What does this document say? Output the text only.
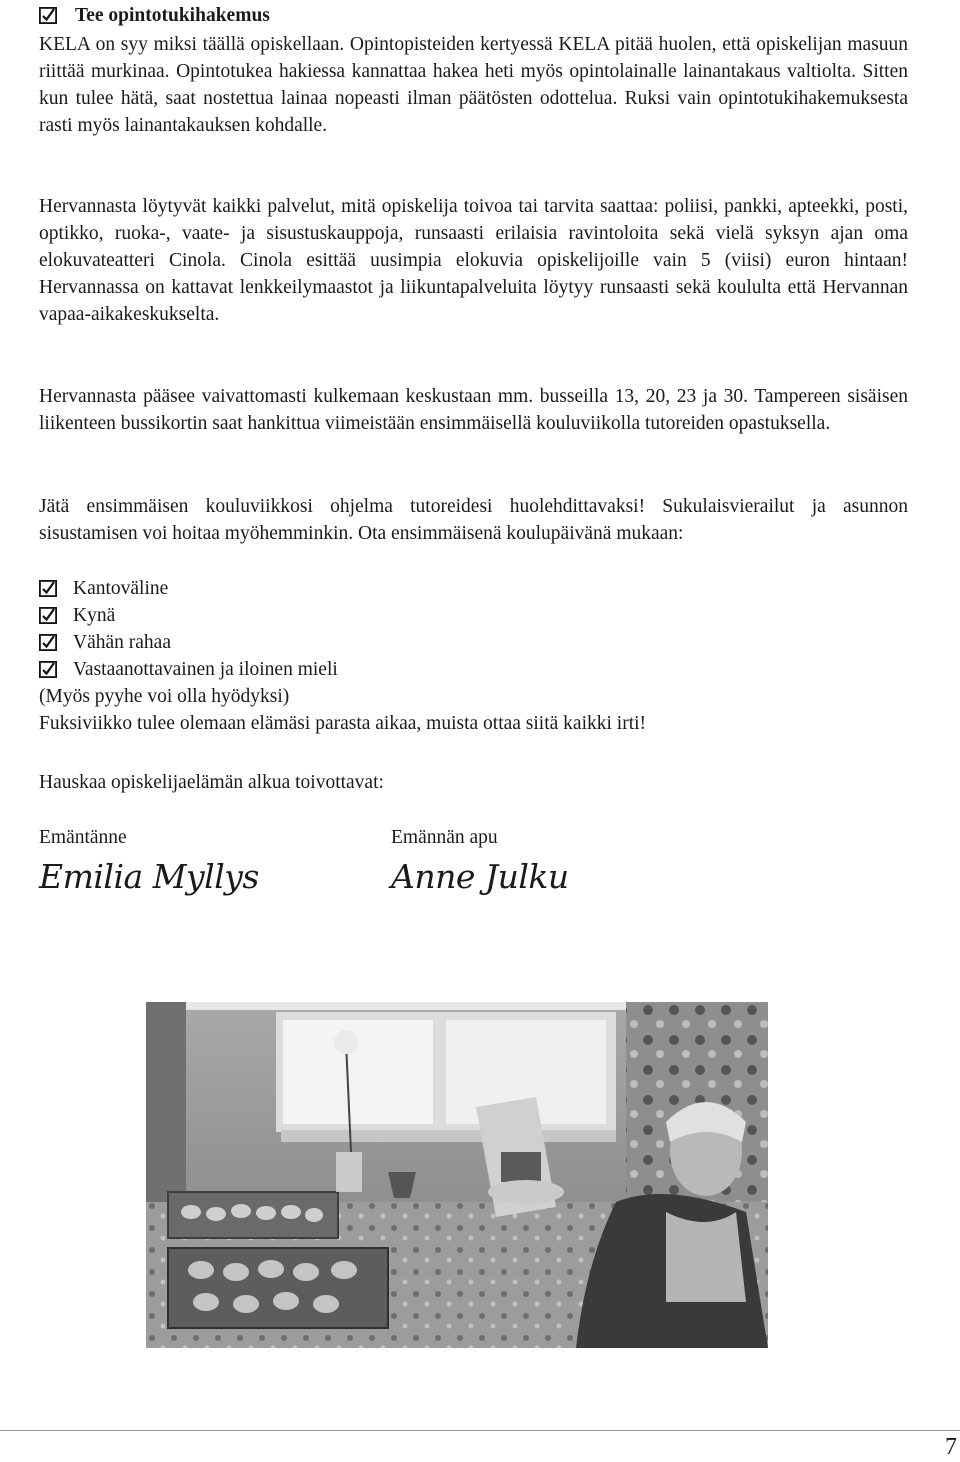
Tee opintotukihakemus

KELA on syy miksi täällä opiskellaan. Opintopisteiden kertyessä KELA pitää huolen, että opiskelijan masuun riittää murkinaa. Opintotukea hakiessa kannattaa hakea heti myös opintolainalle lainantakaus valtiolta. Sitten kun tulee hätä, saat nostettua lainaa nopeasti ilman päätösten odottelua. Ruksi vain opintotukihakemuksesta rasti myös lainantakauksen kohdalle.

Hervannasta löytyvät kaikki palvelut, mitä opiskelija toivoa tai tarvita saattaa: poliisi, pankki, apteekki, posti, optikko, ruoka-, vaate- ja sisustuskauppoja, runsaasti erilaisia ravintoloita sekä vielä syksyn ajan oma elokuvateatteri Cinola. Cinola esittää uusimpia elokuvia opiskelijoille vain 5 (viisi) euron hintaan! Hervannassa on kattavat lenkkeilymaastot ja liikuntapalveluita löytyy runsaasti sekä koululta että Hervannan vapaa-aikakeskukselta.

Hervannasta pääsee vaivattomasti kulkemaan keskustaan mm. busseilla 13, 20, 23 ja 30. Tampereen sisäisen liikenteen bussikortin saat hankittua viimeistään ensimmäisellä kouluviikolla tutoreiden opastuksella.

Jätä ensimmäisen kouluviikkosi ohjelma tutoreidesi huolehdittavaksi! Sukulaisvierailut ja asunnon sisustamisen voi hoitaa myöhemminkin. Ota ensimmäisenä koulupäivänä mukaan:

Kantoväline
Kynä
Vähän rahaa
Vastaanottavainen ja iloinen mieli
(Myös pyyhe voi olla hyödyksi)
Fuksiviikko tulee olemaan elämäsi parasta aikaa, muista ottaa siitä kaikki irti!
Hauskaa opiskelijaelämän alkua toivottavat:
Emäntänne
Emilia Myllys
Emännän apu
Anne Julku
7
